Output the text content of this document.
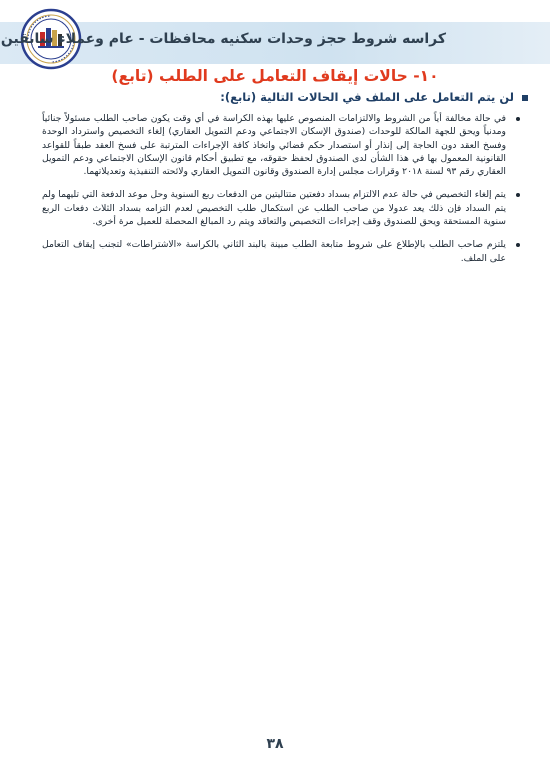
كراسه شروط حجز وحدات سكنيه محافظات - عام وعملاء سابقين
١٠- حالات إيقاف التعامل على الطلب (تابع)
لن يتم التعامل على الملف في الحالات التالية (تابع):
في حالة مخالفة أياً من الشروط والالتزامات المنصوص عليها بهذه الكراسة في أي وقت يكون صاحب الطلب مسئولاً جنائياً ومدنياً ويحق للجهة المالكة للوحدات (صندوق الإسكان الاجتماعي ودعم التمويل العقاري) إلغاء التخصيص واسترداد الوحدة وفسخ العقد دون الحاجة إلى إنذار أو استصدار حكم قضائي واتخاذ كافة الإجراءات المترتبة على فسخ العقد طبقاً للقواعد القانونية المعمول بها في هذا الشأن لدى الصندوق لحفظ حقوقه، مع تطبيق أحكام قانون الإسكان الاجتماعي ودعم التمويل العقاري رقم ٩٣ لسنة ٢٠١٨ وقرارات مجلس إدارة الصندوق وقانون التمويل العقاري ولائحته التنفيذية وتعديلاتهما.
يتم إلغاء التخصيص في حالة عدم الالتزام بسداد دفعتين متتاليتين من الدفعات ربع السنوية وحل موعد الدفعة التي تليهما ولم يتم السداد فإن ذلك يعد عدولا من صاحب الطلب عن استكمال طلب التخصيص لعدم التزامه بسداد الثلاث دفعات الربع سنوية المستحقة ويحق للصندوق وقف إجراءات التخصيص والتعاقد ويتم رد المبالغ المحصلة للعميل مرة أخرى.
يلتزم صاحب الطلب بالإطلاع على شروط متابعة الطلب مبينة بالبند الثاني بالكراسة «الاشتراطات» لتجنب إيقاف التعامل على الملف.
٣٨
